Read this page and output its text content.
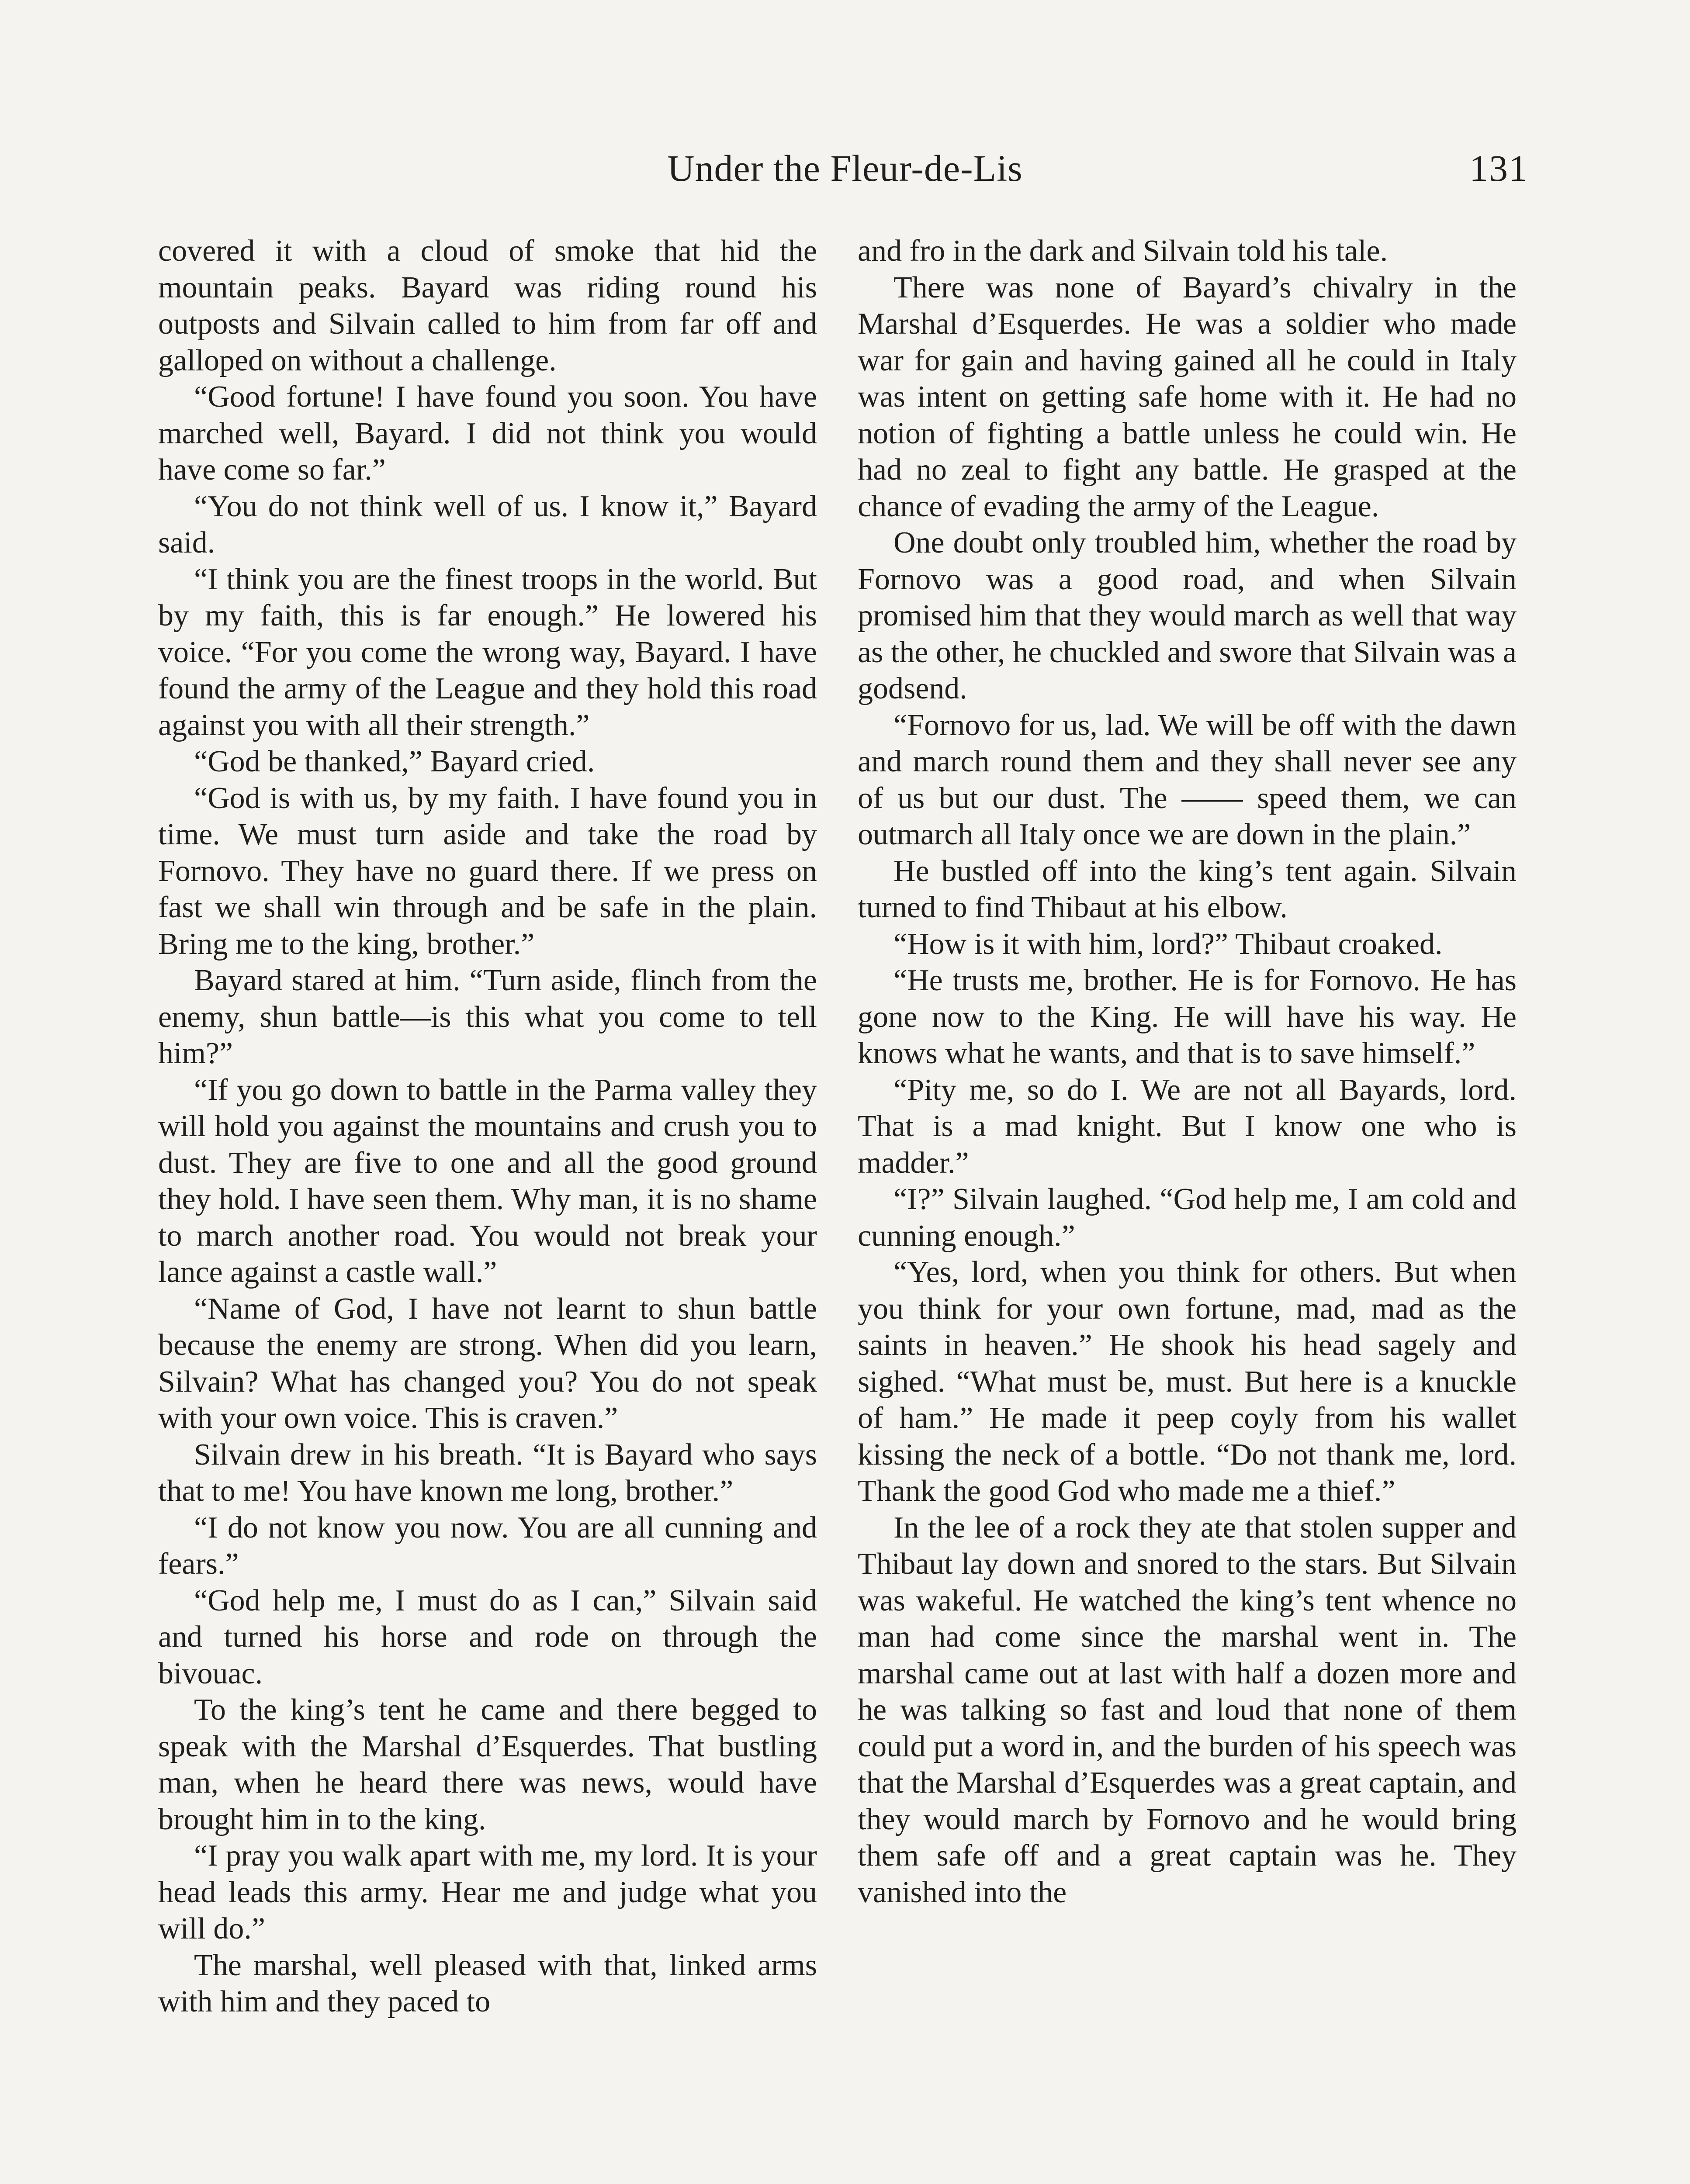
Under the Fleur-de-Lis	131

covered it with a cloud of smoke that hid the mountain peaks. Bayard was riding round his outposts and Silvain called to him from far off and galloped on without a challenge.

“Good fortune! I have found you soon. You have marched well, Bayard. I did not think you would have come so far.”

“You do not think well of us. I know it,” Bayard said.

“I think you are the finest troops in the world. But by my faith, this is far enough.” He lowered his voice. “For you come the wrong way, Bayard. I have found the army of the League and they hold this road against you with all their strength.”

“God be thanked,” Bayard cried.

“God is with us, by my faith. I have found you in time. We must turn aside and take the road by Fornovo. They have no guard there. If we press on fast we shall win through and be safe in the plain. Bring me to the king, brother.”

Bayard stared at him. “Turn aside, flinch from the enemy, shun battle—is this what you come to tell him?”

“If you go down to battle in the Parma valley they will hold you against the mountains and crush you to dust. They are five to one and all the good ground they hold. I have seen them. Why man, it is no shame to march another road. You would not break your lance against a castle wall.”

“Name of God, I have not learnt to shun battle because the enemy are strong. When did you learn, Silvain? What has changed you? You do not speak with your own voice. This is craven.”

Silvain drew in his breath. “It is Bayard who says that to me! You have known me long, brother.”

“I do not know you now. You are all cunning and fears.”

“God help me, I must do as I can,” Silvain said and turned his horse and rode on through the bivouac.

To the king’s tent he came and there begged to speak with the Marshal d’Esquerdes. That bustling man, when he heard there was news, would have brought him in to the king.

“I pray you walk apart with me, my lord. It is your head leads this army. Hear me and judge what you will do.”

The marshal, well pleased with that, linked arms with him and they paced to

and fro in the dark and Silvain told his tale.

There was none of Bayard’s chivalry in the Marshal d’Esquerdes. He was a soldier who made war for gain and having gained all he could in Italy was intent on getting safe home with it. He had no notion of fighting a battle unless he could win. He had no zeal to fight any battle. He grasped at the chance of evading the army of the League.

One doubt only troubled him, whether the road by Fornovo was a good road, and when Silvain promised him that they would march as well that way as the other, he chuckled and swore that Silvain was a godsend.

“Fornovo for us, lad. We will be off with the dawn and march round them and they shall never see any of us but our dust. The —— speed them, we can outmarch all Italy once we are down in the plain.”

He bustled off into the king’s tent again. Silvain turned to find Thibaut at his elbow.

“How is it with him, lord?” Thibaut croaked.

“He trusts me, brother. He is for Fornovo. He has gone now to the King. He will have his way. He knows what he wants, and that is to save himself.”

“Pity me, so do I. We are not all Bayards, lord. That is a mad knight. But I know one who is madder.”

“I?” Silvain laughed. “God help me, I am cold and cunning enough.”

“Yes, lord, when you think for others. But when you think for your own fortune, mad, mad as the saints in heaven.” He shook his head sagely and sighed. “What must be, must. But here is a knuckle of ham.” He made it peep coyly from his wallet kissing the neck of a bottle. “Do not thank me, lord. Thank the good God who made me a thief.”

In the lee of a rock they ate that stolen supper and Thibaut lay down and snored to the stars. But Silvain was wakeful. He watched the king’s tent whence no man had come since the marshal went in. The marshal came out at last with half a dozen more and he was talking so fast and loud that none of them could put a word in, and the burden of his speech was that the Marshal d’Esquerdes was a great captain, and they would march by Fornovo and he would bring them safe off and a great captain was he. They vanished into the
